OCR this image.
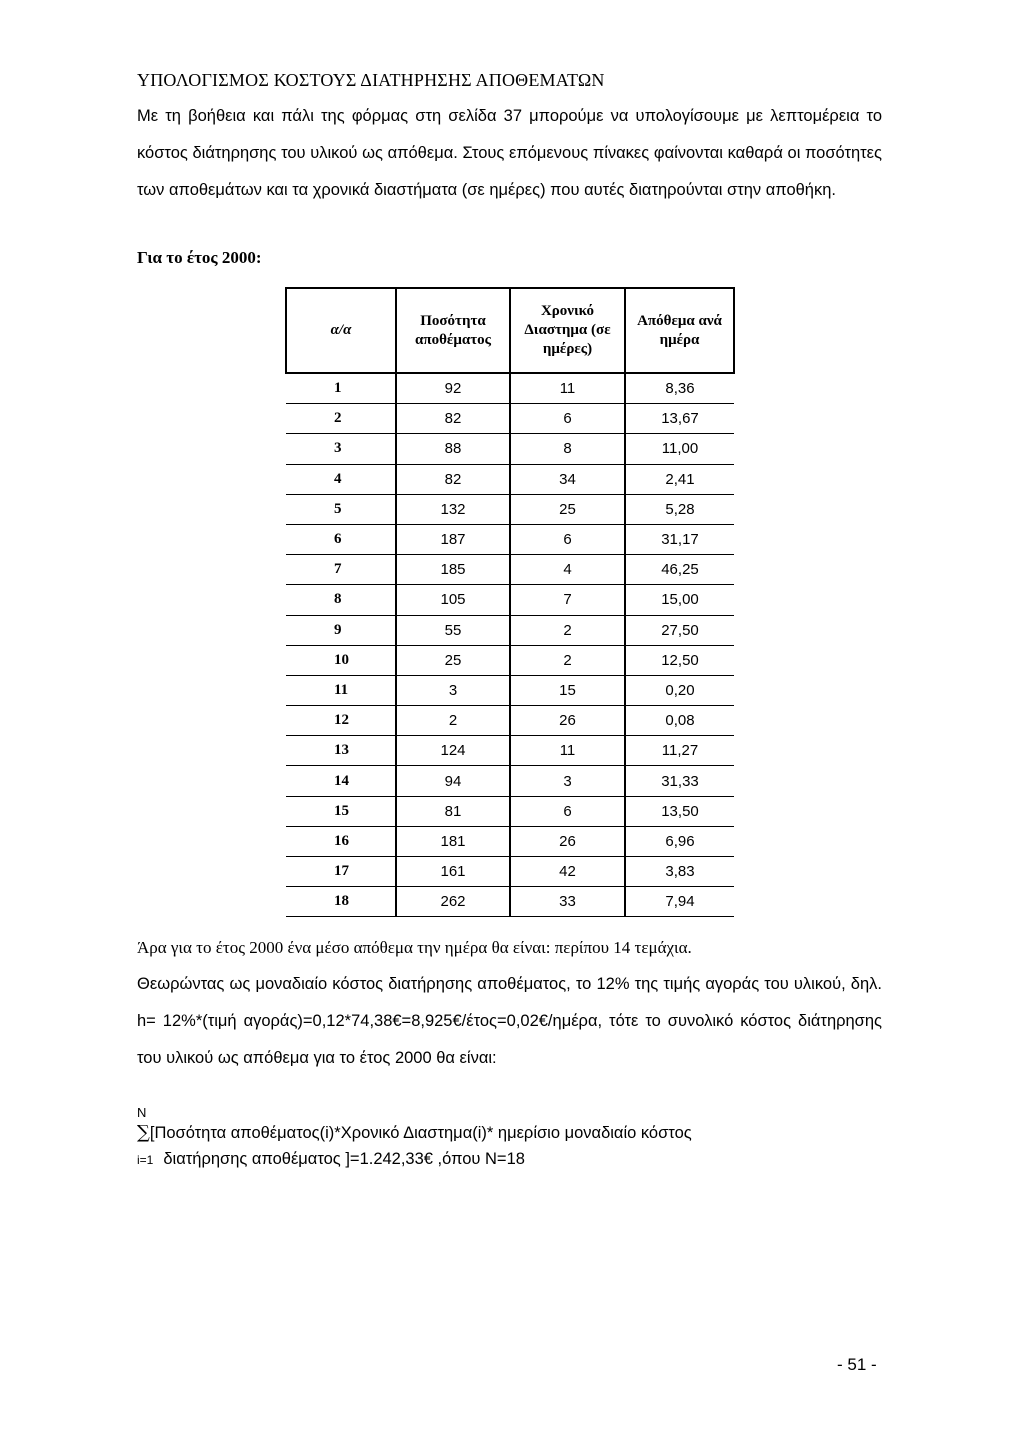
ΥΠΟΛΟΓΙΣΜΟΣ ΚΟΣΤΟΥΣ ΔΙΑΤΗΡΗΣΗΣ ΑΠΟΘΕΜΑΤΩΝ
Με τη βοήθεια και πάλι της φόρμας στη σελίδα 37 μπορούμε να υπολογίσουμε με λεπτομέρεια το κόστος διάτηρησης του υλικού ως απόθεμα. Στους επόμενους πίνακες φαίνονται καθαρά οι ποσότητες των αποθεμάτων και τα χρονικά διαστήματα (σε ημέρες) που αυτές διατηρούνται στην αποθήκη.
Για το έτος 2000:
α/α	Ποσότητα αποθέματος	Χρονικό Διαστημα (σε ημέρες)	Απόθεμα ανά ημέρα
1	92	11	8,36
2	82	6	13,67
3	88	8	11,00
4	82	34	2,41
5	132	25	5,28
6	187	6	31,17
7	185	4	46,25
8	105	7	15,00
9	55	2	27,50
10	25	2	12,50
11	3	15	0,20
12	2	26	0,08
13	124	11	11,27
14	94	3	31,33
15	81	6	13,50
16	181	26	6,96
17	161	42	3,83
18	262	33	7,94
Άρα για το έτος 2000 ένα μέσο απόθεμα την ημέρα θα είναι: περίπου 14 τεμάχια.
Θεωρώντας ως μοναδιαίο κόστος διατήρησης αποθέματος, το 12% της τιμής αγοράς του υλικού, δηλ. h= 12%*(τιμή αγοράς)=0,12*74,38€=8,925€/έτος=0,02€/ημέρα, τότε το συνολικό κόστος διάτηρησης του υλικού ως απόθεμα για το έτος 2000 θα είναι:
N
∑[Ποσότητα αποθέματος(i)*Χρονικό Διαστημα(i)* ημερίσιο μοναδιαίο κόστος
i=1 διατήρησης αποθέματος ]=1.242,33€ ,όπου Ν=18
- 51 -
